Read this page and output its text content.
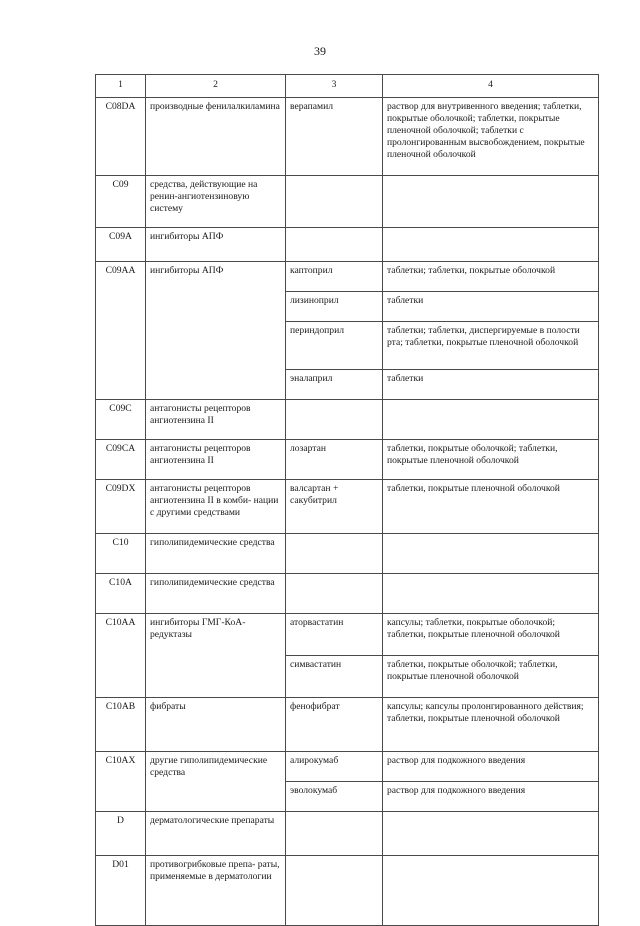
39
1	2	3	4
C08DA	производные фенилалкиламина	верапамил	раствор для внутривенного введения; таблетки, покрытые оболочкой; таблетки, покрытые пленочной оболочкой; таблетки с пролонгированным высвобождением, покрытые пленочной оболочкой
C09	средства, действующие на ренин-ангиотензиновую систему		
C09A	ингибиторы АПФ		
C09AA	ингибиторы АПФ	каптоприл	таблетки; таблетки, покрытые оболочкой
		лизиноприл	таблетки
		периндоприл	таблетки; таблетки, диспергируемые в полости рта; таблетки, покрытые пленочной оболочкой
		эналаприл	таблетки
C09C	антагонисты рецепторов ангиотензина II		
C09CA	антагонисты рецепторов ангиотензина II	лозартан	таблетки, покрытые оболочкой; таблетки, покрытые пленочной оболочкой
C09DX	антагонисты рецепторов ангиотензина II в комби- нации с другими средствами	валсартан + сакубитрил	таблетки, покрытые пленочной оболочкой
C10	гиполипидемические средства		
C10A	гиполипидемические средства		
C10AA	ингибиторы ГМГ-КоА- редуктазы	аторвастатин	капсулы; таблетки, покрытые оболочкой; таблетки, покрытые пленочной оболочкой
		симвастатин	таблетки, покрытые оболочкой; таблетки, покрытые пленочной оболочкой
C10AB	фибраты	фенофибрат	капсулы; капсулы пролонгированного действия; таблетки, покрытые пленочной оболочкой
C10AX	другие гиполипидемические средства	алирокумаб	раствор для подкожного введения
		эволокумаб	раствор для подкожного введения
D	дерматологические препараты		
D01	противогрибковые препа- раты, применяемые в дерматологии		
